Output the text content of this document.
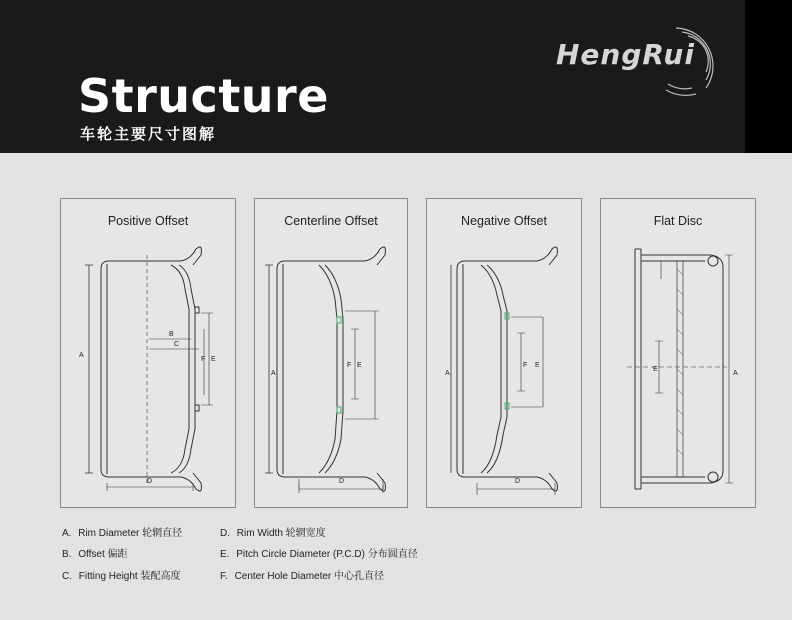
Structure
车轮主要尺寸图解
HengRui
Positive Offset
A
B
C
F E
D
Centerline Offset
A
F E
D
Negative Offset
A
F E
D
Flat Disc
A
E
A. Rim Diameter 轮辋直径	D. Rim Width 轮辋宽度
B. Offset 偏距	E. Pitch Circle Diameter (P.C.D) 分布圆直径
C. Fitting Height 装配高度	F. Center Hole Diameter 中心孔直径
